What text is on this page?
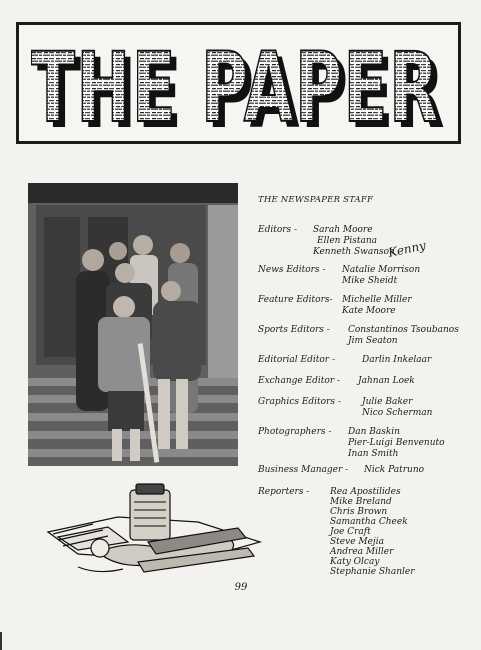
THE PAPER
THE PAPER
THE NEWSPAPER STAFF
Editors - Sarah Moore
Ellen Pistana
Kenneth Swanson
News Editors - Natalie Morrison
Mike Sheidt
Feature Editors- Michelle Miller
Kate Moore
Sports Editors - Constantinos Tsoubanos
Jim Seaton
Editorial Editor -	Darlin Inkelaar
Exchange Editor - Jahnan Loek
Graphics Editors - Julie Baker
Nico Scherman
Photographers - Dan Baskin
Pier-Luigi Benvenuto
Inan Smith
Business Manager - Nick Patruno
Reporters - Rea Apostilides
Mike Breland
Chris Brown
Samantha Cheek
Joe Craft
Steve Mejia
Andrea Miller
Katy Olcay
Stephanie Shanler
Kenny
99
